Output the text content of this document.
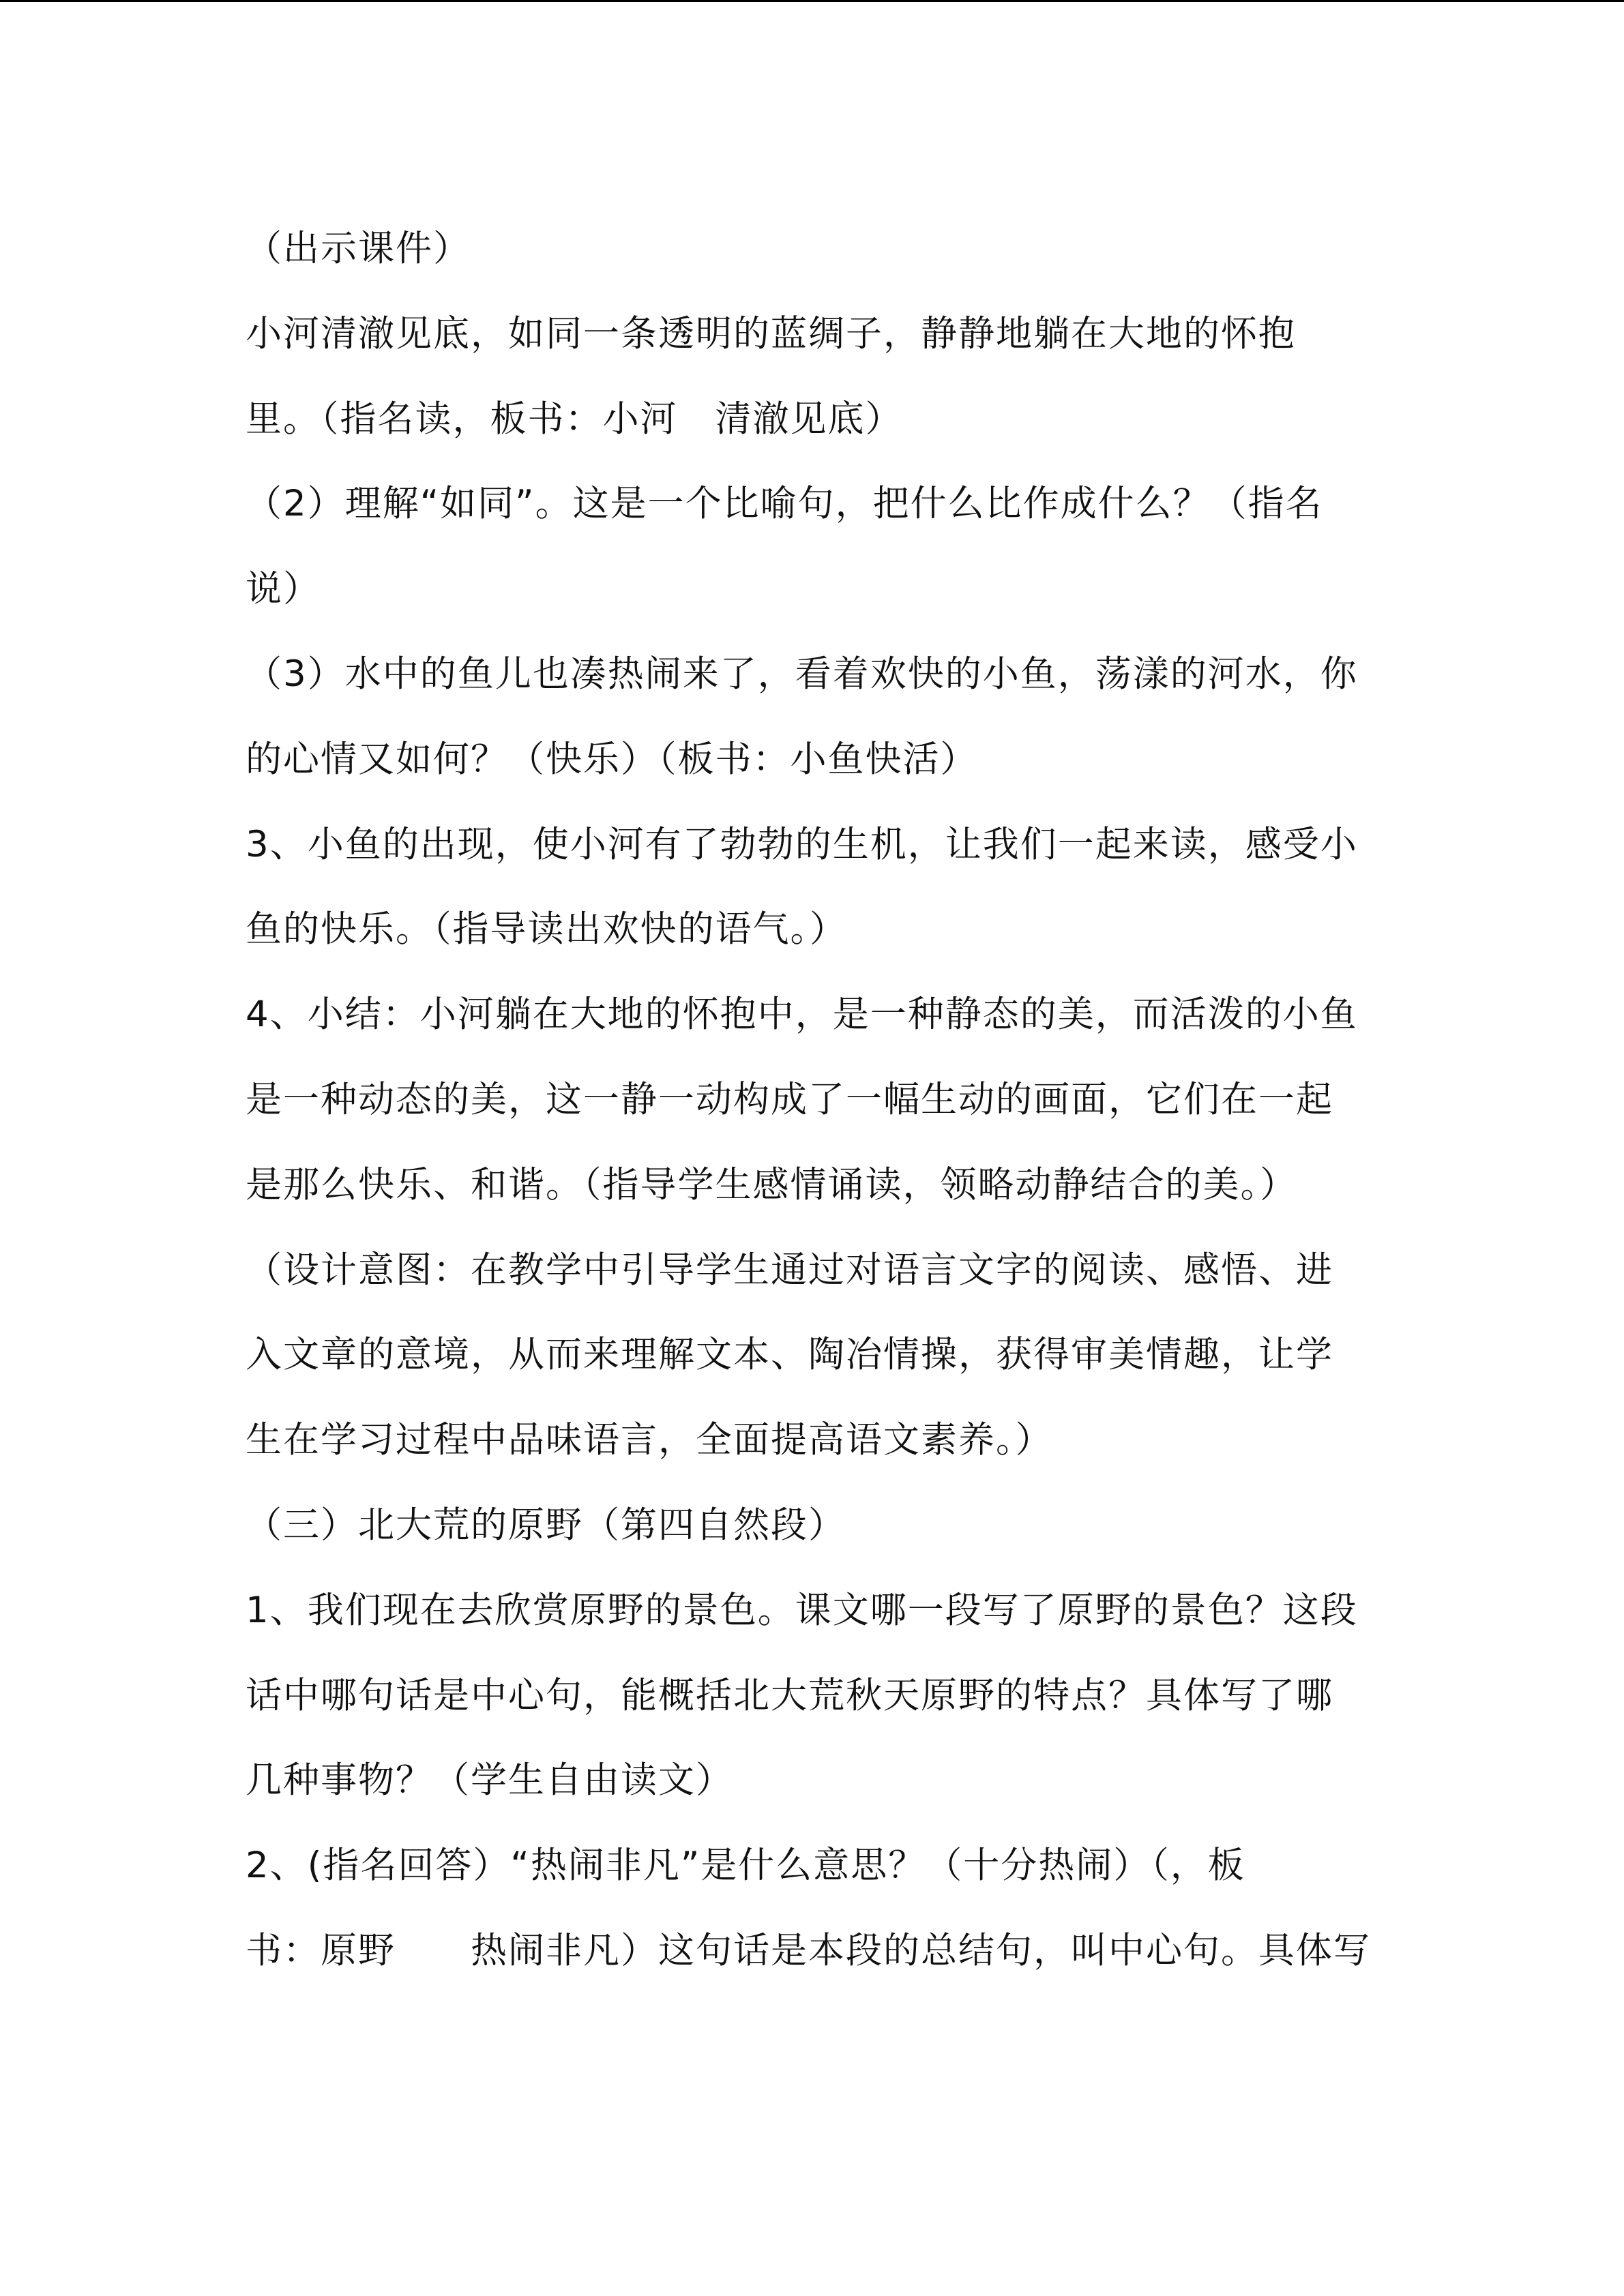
（出示课件）
小河清澈见底，如同一条透明的蓝绸子，静静地躺在大地的怀抱
里。（指名读，板书：小河　清澈见底）
（2）理解“如同”。这是一个比喻句，把什么比作成什么？（指名
说）
（3）水中的鱼儿也凑热闹来了，看着欢快的小鱼，荡漾的河水，你
的心情又如何？（快乐）（板书：小鱼快活）
3、小鱼的出现，使小河有了勃勃的生机，让我们一起来读，感受小
鱼的快乐。（指导读出欢快的语气。）
4、小结：小河躺在大地的怀抱中，是一种静态的美，而活泼的小鱼
是一种动态的美，这一静一动构成了一幅生动的画面，它们在一起
是那么快乐、和谐。（指导学生感情诵读，领略动静结合的美。）
（设计意图：在教学中引导学生通过对语言文字的阅读、感悟、进
入文章的意境，从而来理解文本、陶冶情操，获得审美情趣，让学
生在学习过程中品味语言，全面提高语文素养。）
（三）北大荒的原野（第四自然段）
1、我们现在去欣赏原野的景色。课文哪一段写了原野的景色？这段
话中哪句话是中心句，能概括北大荒秋天原野的特点？具体写了哪
几种事物？（学生自由读文）
2、(指名回答）“热闹非凡”是什么意思？（十分热闹）（，板
书：原野　　热闹非凡）这句话是本段的总结句，叫中心句。具体写
